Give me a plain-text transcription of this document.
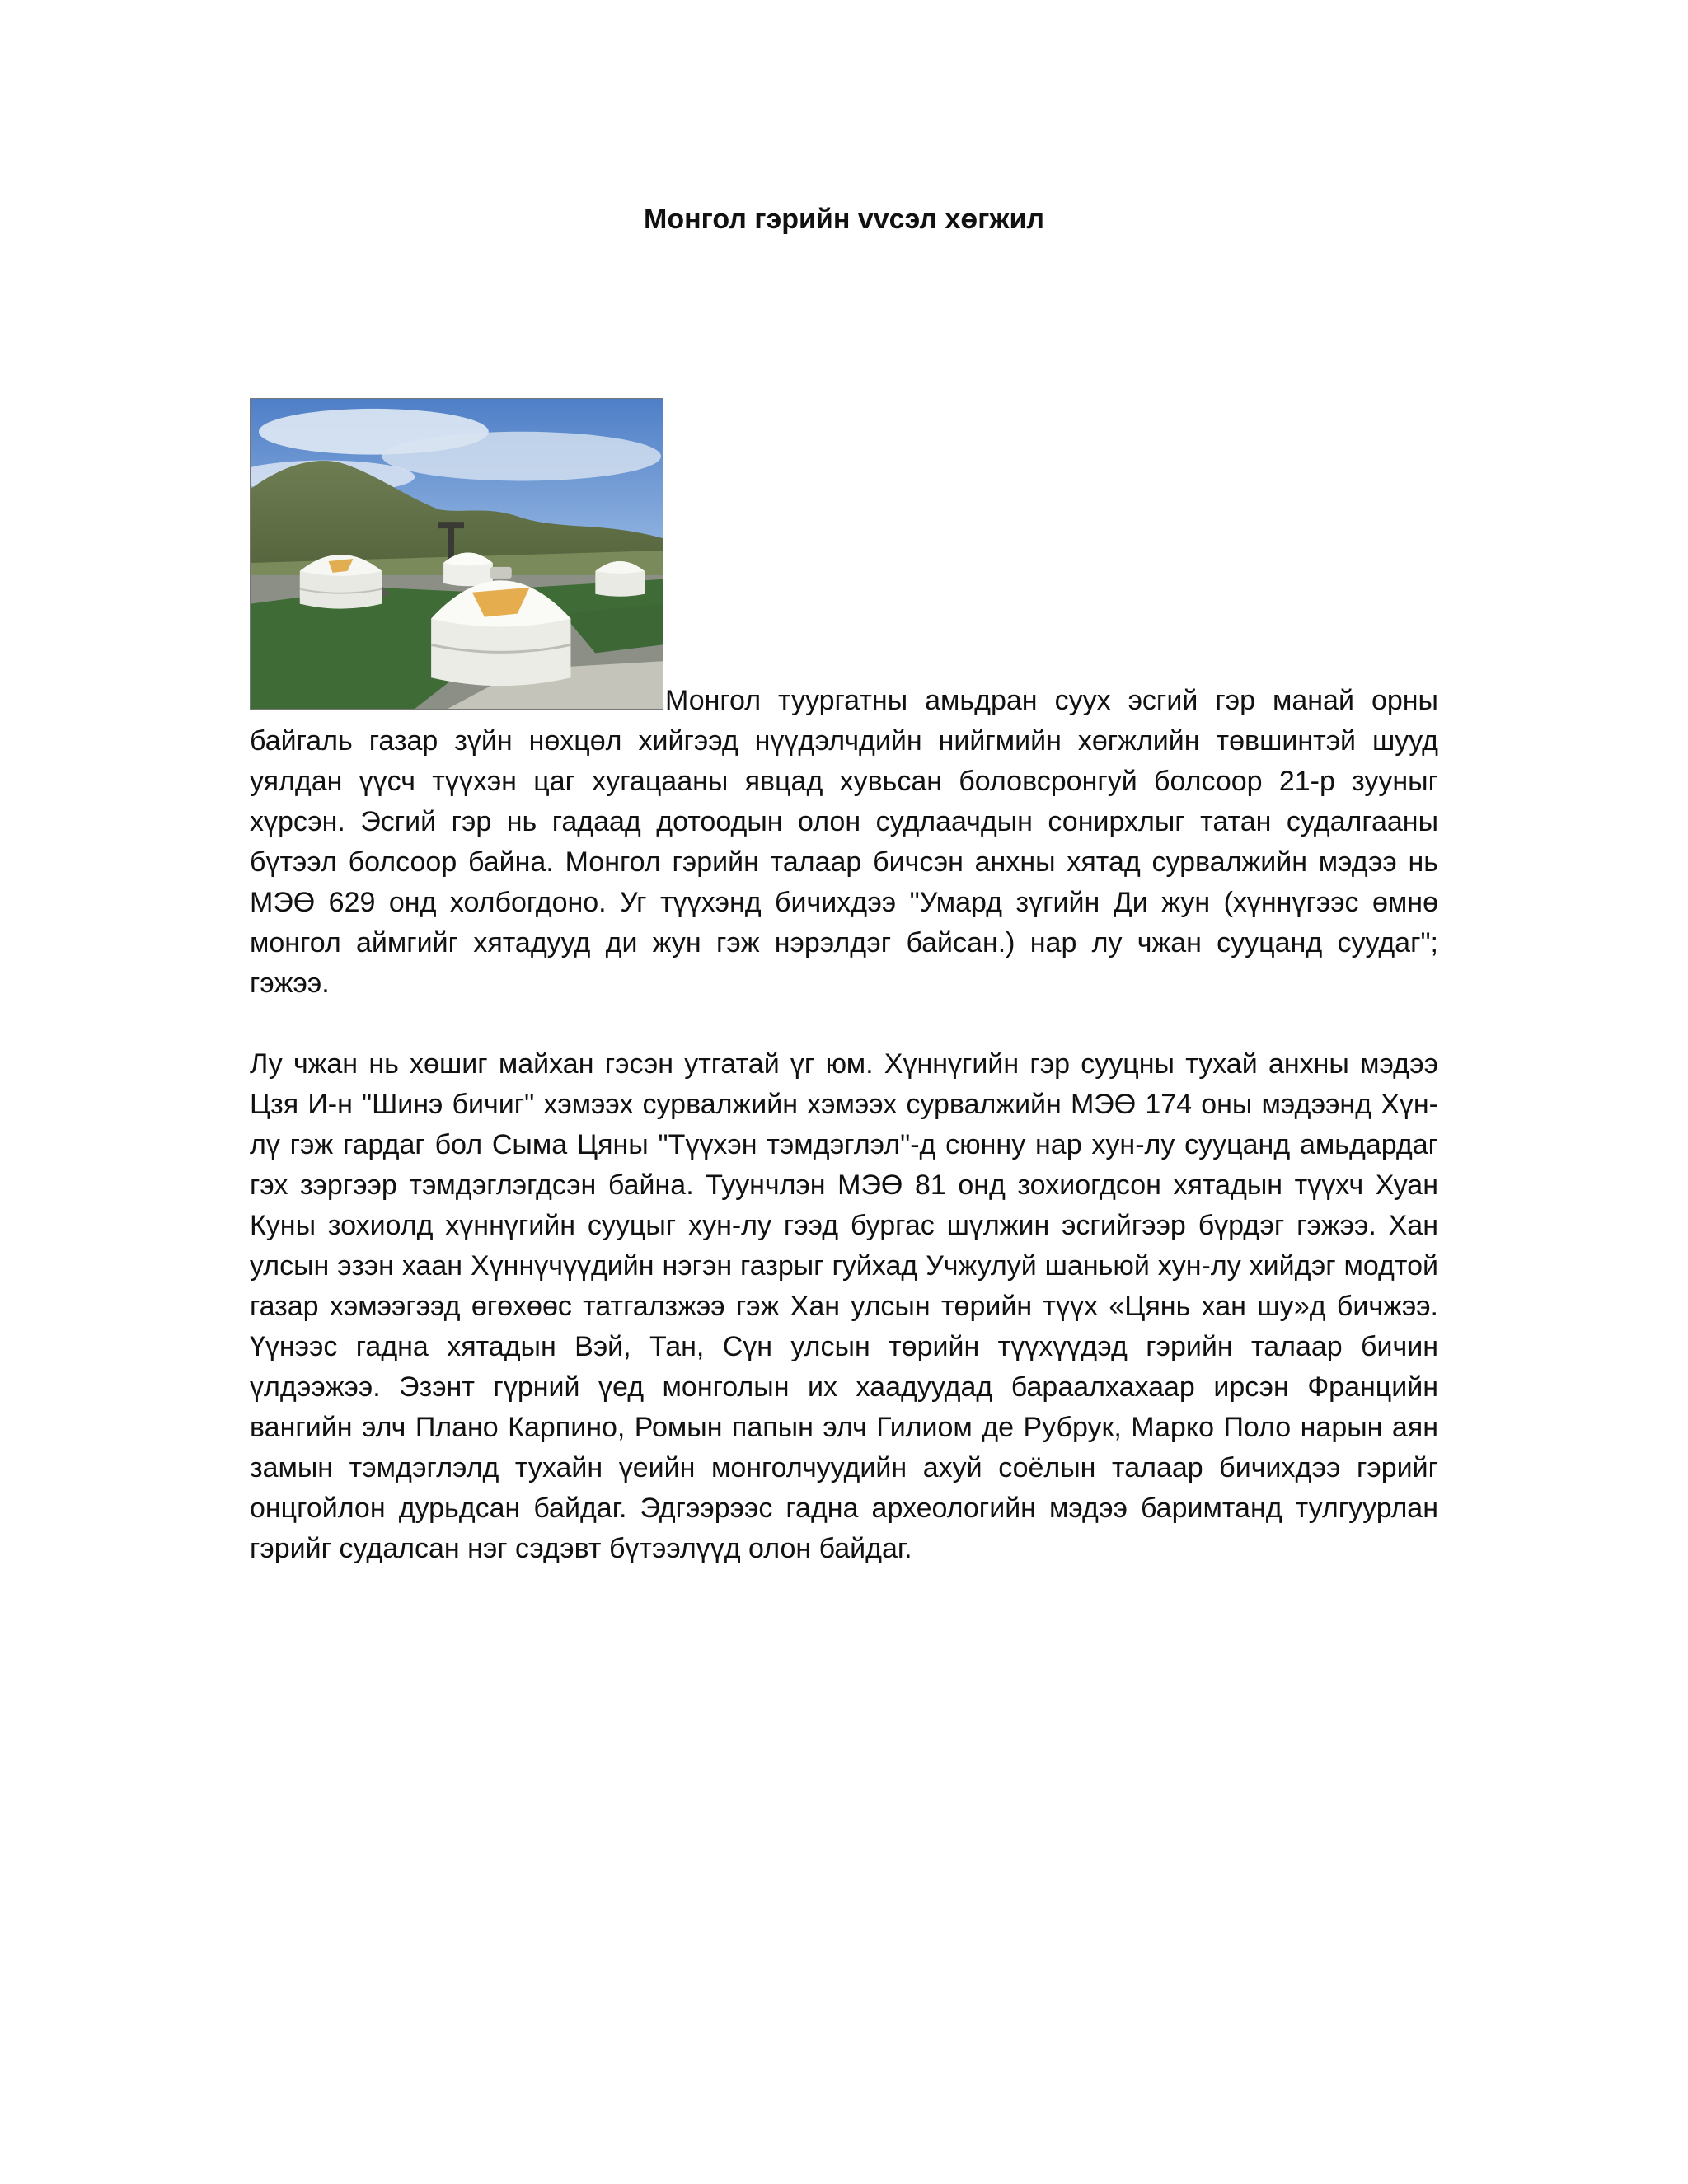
Монгол гэрийн vvсэл хөгжил

Монгол туургатны амьдран суух эсгий гэр манай орны байгаль газар зүйн нөхцөл хийгээд нүүдэлчдийн нийгмийн хөгжлийн төвшинтэй шууд уялдан үүсч түүхэн цаг хугацааны явцад хувьсан боловсронгуй болсоор 21-р зууныг хүрсэн. Эсгий гэр нь гадаад дотоодын олон судлаачдын сонирхлыг татан судалгааны бүтээл болсоор байна. Монгол гэрийн талаар бичсэн анхны хятад сурвалжийн мэдээ нь МЭӨ 629 онд холбогдоно. Уг түүхэнд бичихдээ "Умард зүгийн Ди жун (хүннүгээс өмнө монгол аймгийг хятадууд ди жун гэж нэрэлдэг байсан.) нар лу чжан сууцанд суудаг"; гэжээ.

Лу чжан нь хөшиг майхан гэсэн утгатай үг юм. Хүннүгийн гэр сууцны тухай анхны мэдээ Цзя И-н "Шинэ бичиг" хэмээх сурвалжийн хэмээх сурвалжийн МЭӨ 174 оны мэдээнд Хүн-лү гэж гардаг бол Сыма Цяны "Түүхэн тэмдэглэл"-д сюнну нар хун-лу сууцанд амьдардаг гэх зэргээр тэмдэглэгдсэн байна. Туунчлэн МЭӨ 81 онд зохиогдсон хятадын түүхч Хуан Куны зохиолд хүннүгийн сууцыг хун-лу гээд бургас шүлжин эсгийгээр бүрдэг гэжээ. Хан улсын эзэн хаан Хүннүчүүдийн нэгэн газрыг гуйхад Учжулуй шаньюй хун-лу хийдэг модтой газар хэмээгээд өгөхөөс татгалзжээ гэж Хан улсын төрийн түүх «Цянь хан шу»д бичжээ. Үүнээс гадна хятадын Вэй, Тан, Сүн улсын төрийн түүхүүдэд гэрийн талаар бичин үлдээжээ. Эзэнт гүрний үед монголын их хаадуудад бараалхахаар ирсэн Францийн вангийн элч Плано Карпино, Ромын папын элч Гилиом де Рубрук, Марко Поло нарын аян замын тэмдэглэлд тухайн үеийн монголчуудийн ахуй соёлын талаар бичихдээ гэрийг онцгойлон дурьдсан байдаг. Эдгээрээс гадна археологийн мэдээ баримтанд тулгуурлан гэрийг судалсан нэг сэдэвт бүтээлүүд олон байдаг.
